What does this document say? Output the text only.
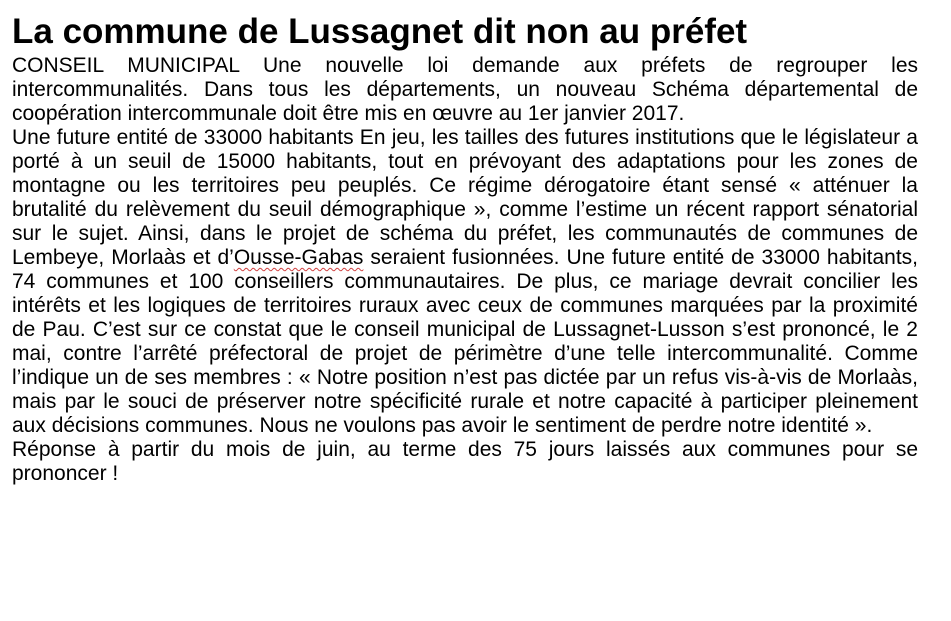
La commune de Lussagnet dit non au préfet

CONSEIL MUNICIPAL Une nouvelle loi demande aux préfets de regrouper les intercommunalités. Dans tous les départements, un nouveau Schéma départemental de coopération intercommunale doit être mis en œuvre au 1er janvier 2017.

Une future entité de 33000 habitants En jeu, les tailles des futures institutions que le législateur a porté à un seuil de 15000 habitants, tout en prévoyant des adaptations pour les zones de montagne ou les territoires peu peuplés. Ce régime dérogatoire étant sensé « atténuer la brutalité du relèvement du seuil démographique », comme l’estime un récent rapport sénatorial sur le sujet. Ainsi, dans le projet de schéma du préfet, les communautés de communes de Lembeye, Morlaàs et d’Ousse-Gabas seraient fusionnées. Une future entité de 33000 habitants, 74 communes et 100 conseillers communautaires. De plus, ce mariage devrait concilier les intérêts et les logiques de territoires ruraux avec ceux de communes marquées par la proximité de Pau. C’est sur ce constat que le conseil municipal de Lussagnet-Lusson s’est prononcé, le 2 mai, contre l’arrêté préfectoral de projet de périmètre d’une telle intercommunalité. Comme l’indique un de ses membres : « Notre position n’est pas dictée par un refus vis-à-vis de Morlaàs, mais par le souci de préserver notre spécificité rurale et notre capacité à participer pleinement aux décisions communes. Nous ne voulons pas avoir le sentiment de perdre notre identité ».

Réponse à partir du mois de juin, au terme des 75 jours laissés aux communes pour se prononcer !
